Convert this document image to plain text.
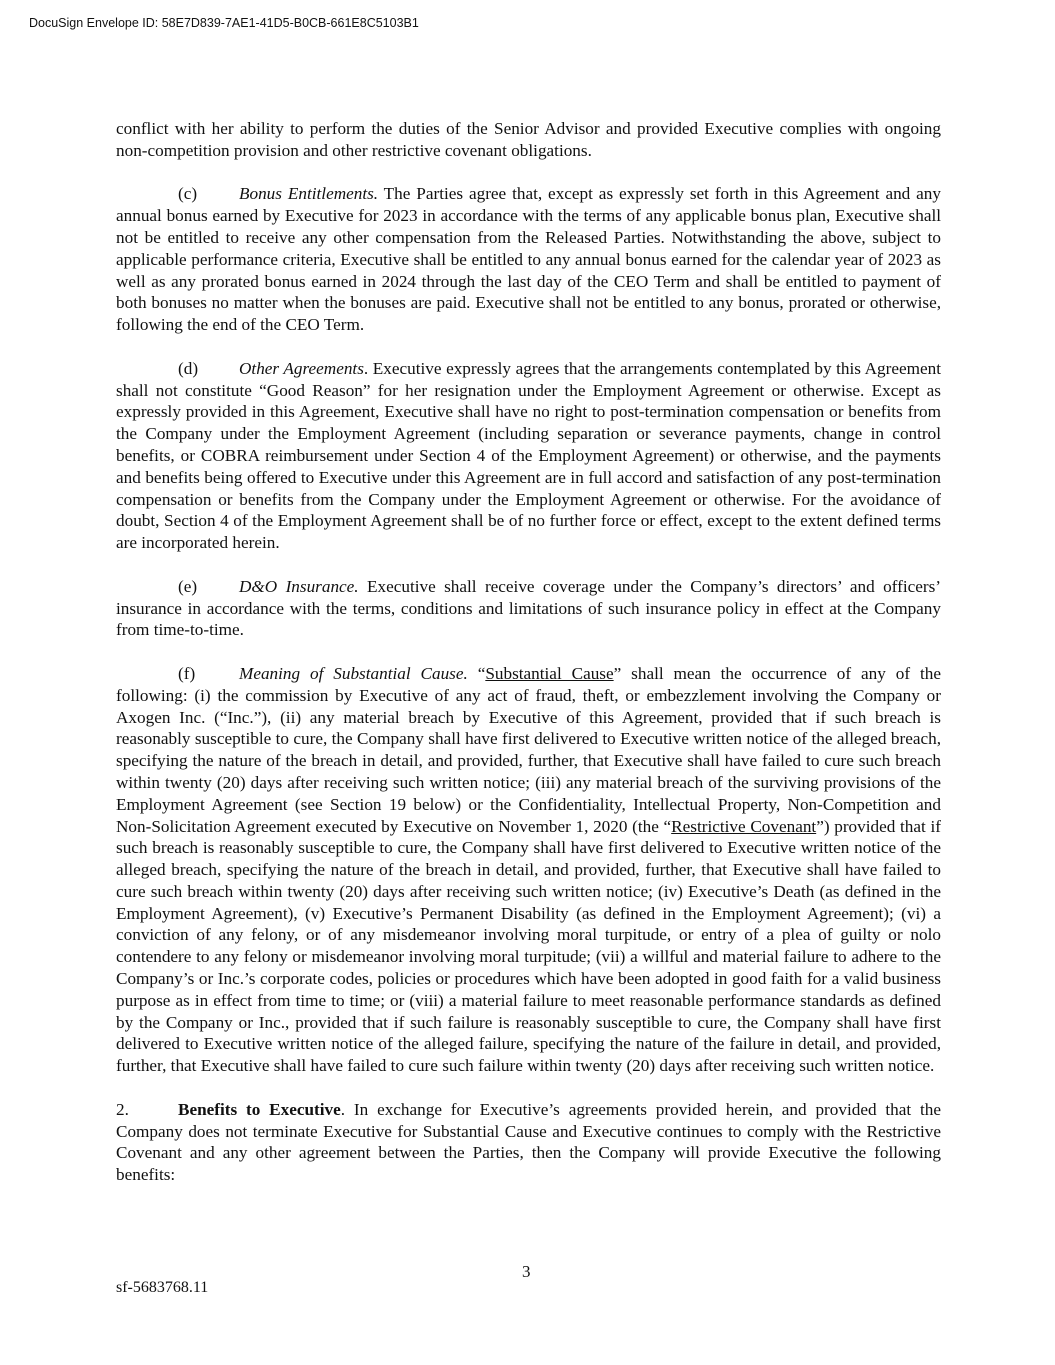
DocuSign Envelope ID: 58E7D839-7AE1-41D5-B0CB-661E8C5103B1

conflict with her ability to perform the duties of the Senior Advisor and provided Executive complies with ongoing non-competition provision and other restrictive covenant obligations.

(c) Bonus Entitlements. The Parties agree that, except as expressly set forth in this Agreement and any annual bonus earned by Executive for 2023 in accordance with the terms of any applicable bonus plan, Executive shall not be entitled to receive any other compensation from the Released Parties. Notwithstanding the above, subject to applicable performance criteria, Executive shall be entitled to any annual bonus earned for the calendar year of 2023 as well as any prorated bonus earned in 2024 through the last day of the CEO Term and shall be entitled to payment of both bonuses no matter when the bonuses are paid. Executive shall not be entitled to any bonus, prorated or otherwise, following the end of the CEO Term.

(d) Other Agreements. Executive expressly agrees that the arrangements contemplated by this Agreement shall not constitute “Good Reason” for her resignation under the Employment Agreement or otherwise. Except as expressly provided in this Agreement, Executive shall have no right to post-termination compensation or benefits from the Company under the Employment Agreement (including separation or severance payments, change in control benefits, or COBRA reimbursement under Section 4 of the Employment Agreement) or otherwise, and the payments and benefits being offered to Executive under this Agreement are in full accord and satisfaction of any post-termination compensation or benefits from the Company under the Employment Agreement or otherwise. For the avoidance of doubt, Section 4 of the Employment Agreement shall be of no further force or effect, except to the extent defined terms are incorporated herein.

(e) D&O Insurance. Executive shall receive coverage under the Company’s directors’ and officers’ insurance in accordance with the terms, conditions and limitations of such insurance policy in effect at the Company from time-to-time.

(f)	Meaning of Substantial Cause. “Substantial Cause” shall mean the occurrence of any of the following: (i) the commission by Executive of any act of fraud, theft, or embezzlement involving the Company or Axogen Inc. (“Inc.”), (ii) any material breach by Executive of this Agreement, provided that if such breach is reasonably susceptible to cure, the Company shall have first delivered to Executive written notice of the alleged breach, specifying the nature of the breach in detail, and provided, further, that Executive shall have failed to cure such breach within twenty (20) days after receiving such written notice; (iii) any material breach of the surviving provisions of the Employment Agreement (see Section 19 below) or the Confidentiality, Intellectual Property, Non-Competition and Non-Solicitation Agreement executed by Executive on November 1, 2020 (the “Restrictive Covenant”) provided that if such breach is reasonably susceptible to cure, the Company shall have first delivered to Executive written notice of the alleged breach, specifying the nature of the breach in detail, and provided, further, that Executive shall have failed to cure such breach within twenty (20) days after receiving such written notice; (iv) Executive’s Death (as defined in the Employment Agreement), (v) Executive’s Permanent Disability (as defined in the Employment Agreement); (vi) a conviction of any felony, or of any misdemeanor involving moral turpitude, or entry of a plea of guilty or nolo contendere to any felony or misdemeanor involving moral turpitude; (vii) a willful and material failure to adhere to the Company’s or Inc.’s corporate codes, policies or procedures which have been adopted in good faith for a valid business purpose as in effect from time to time; or (viii) a material failure to meet reasonable performance standards as defined by the Company or Inc., provided that if such failure is reasonably susceptible to cure, the Company shall have first delivered to Executive written notice of the alleged failure, specifying the nature of the failure in detail, and provided, further, that Executive shall have failed to cure such failure within twenty (20) days after receiving such written notice.

2.	Benefits to Executive. In exchange for Executive’s agreements provided herein, and provided that the Company does not terminate Executive for Substantial Cause and Executive continues to comply with the Restrictive Covenant and any other agreement between the Parties, then the Company will provide Executive the following benefits:

3
sf-5683768.11
